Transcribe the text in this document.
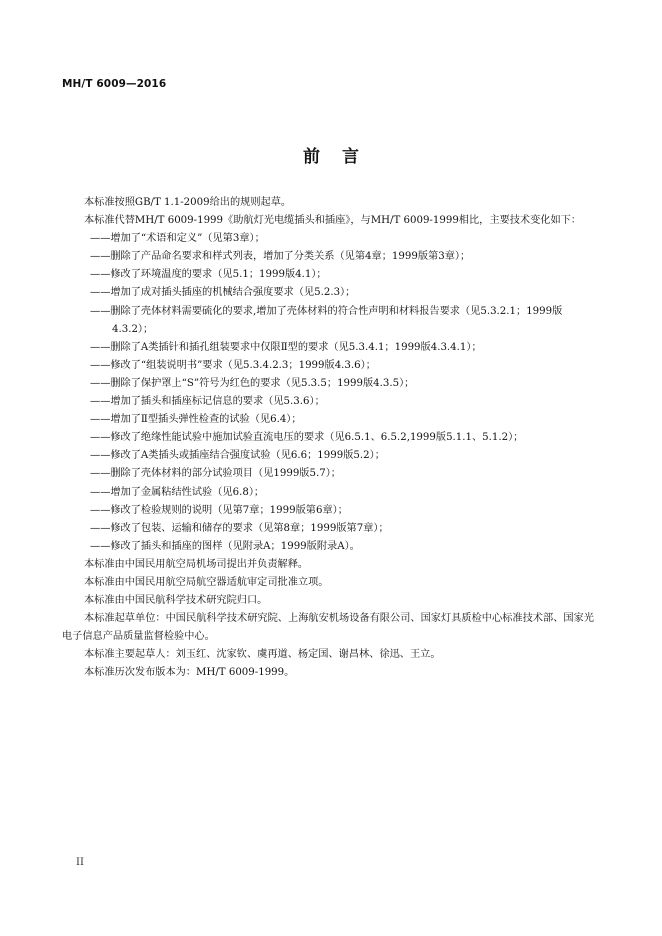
MH/T 6009—2016
前言

本标准按照GB/T 1.1-2009给出的规则起草。

本标准代替MH/T 6009-1999《助航灯光电缆插头和插座》，与MH/T 6009-1999相比，主要技术变化如下：

——增加了“术语和定义”（见第3章）；

——删除了产品命名要求和样式列表，增加了分类关系（见第4章；1999版第3章）；

——修改了环境温度的要求（见5.1；1999版4.1）；

——增加了成对插头插座的机械结合强度要求（见5.2.3）；

——删除了壳体材料需要硫化的要求,增加了壳体材料的符合性声明和材料报告要求（见5.3.2.1；1999版4.3.2）；

——删除了A类插针和插孔组装要求中仅限Ⅱ型的要求（见5.3.4.1；1999版4.3.4.1）；

——修改了“组装说明书”要求（见5.3.4.2.3；1999版4.3.6）；

——删除了保护罩上“S”符号为红色的要求（见5.3.5；1999版4.3.5）；

——增加了插头和插座标记信息的要求（见5.3.6）；

——增加了Ⅱ型插头弹性检查的试验（见6.4）；

——修改了绝缘性能试验中施加试验直流电压的要求（见6.5.1、6.5.2,1999版5.1.1、5.1.2）；

——修改了A类插头或插座结合强度试验（见6.6；1999版5.2）；

——删除了壳体材料的部分试验项目（见1999版5.7）；

——增加了金属粘结性试验（见6.8）；

——修改了检验规则的说明（见第7章；1999版第6章）；

——修改了包装、运输和储存的要求（见第8章；1999版第7章）；

——修改了插头和插座的图样（见附录A；1999版附录A）。

本标准由中国民用航空局机场司提出并负责解释。

本标准由中国民用航空局航空器适航审定司批准立项。

本标准由中国民航科学技术研究院归口。

本标准起草单位：中国民航科学技术研究院、上海航安机场设备有限公司、国家灯具质检中心标准技术部、国家光电子信息产品质量监督检验中心。

本标准主要起草人：刘玉红、沈家钦、虞再道、杨定国、谢昌林、徐迅、王立。

本标准历次发布版本为：MH/T 6009-1999。

II
